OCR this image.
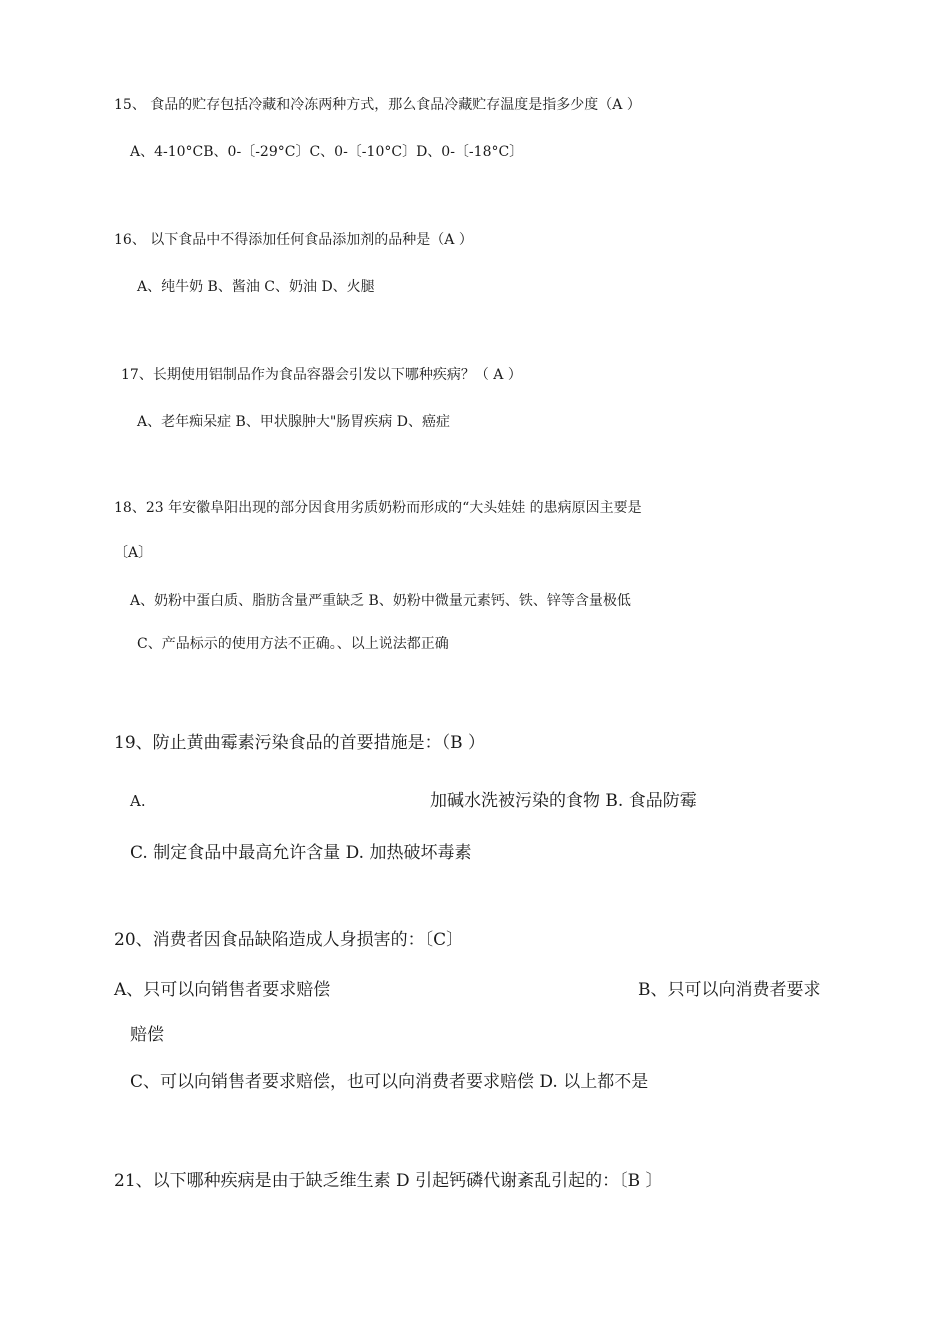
15、 食品的贮存包括冷藏和冷冻两种方式，那么食品冷藏贮存温度是指多少度（A ）
A、4-10°CB、0-〔-29°C〕C、0-〔-10°C〕D、0-〔-18°C〕
16、 以下食品中不得添加任何食品添加剂的品种是（A ）
A、纯牛奶 B、酱油 C、奶油 D、火腿
17、长期使用铝制品作为食品容器会引发以下哪种疾病？（ A ）
A、老年痴呆症 B、甲状腺肿大"肠胃疾病 D、癌症
18、23 年安徽阜阳出现的部分因食用劣质奶粉而形成的“大头娃娃 的患病原因主要是
〔A〕
A、奶粉中蛋白质、脂肪含量严重缺乏 B、奶粉中微量元素钙、铁、锌等含量极低
C、产品标示的使用方法不正确。、以上说法都正确
19、防止黄曲霉素污染食品的首要措施是：（B ）
A.	加碱水洗被污染的食物 B. 食品防霉
C. 制定食品中最高允许含量 D. 加热破坏毒素
20、消费者因食品缺陷造成人身损害的：〔C〕
A、只可以向销售者要求赔偿	B、只可以向消费者要求
赔偿
C、可以向销售者要求赔偿，也可以向消费者要求赔偿 D. 以上都不是
21、以下哪种疾病是由于缺乏维生素 D 引起钙磷代谢紊乱引起的：〔B 〕
